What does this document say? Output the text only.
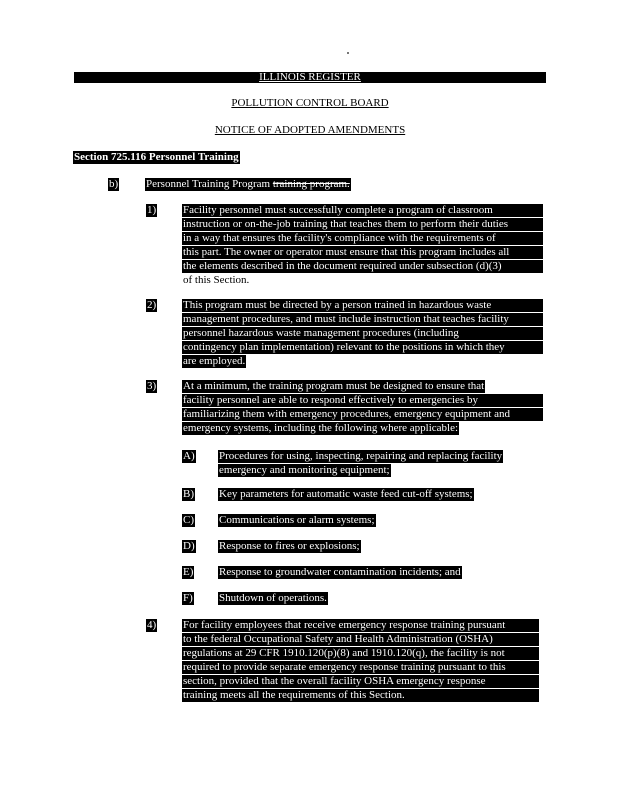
ILLINOIS REGISTER
POLLUTION CONTROL BOARD
NOTICE OF ADOPTED AMENDMENTS
Section 725.116 Personnel Training
b)	Personnel Training Program training program.
1) Facility personnel must successfully complete a program of classroom
instruction or on-the-job training that teaches them to perform their duties
in a way that ensures the facility's compliance with the requirements of
this part. The owner or operator must ensure that this program includes all
the elements described in the document required under subsection (d)(3)
of this Section.
2) This program must be directed by a person trained in hazardous waste
management procedures, and must include instruction that teaches facility
personnel hazardous waste management procedures (including
contingency plan implementation) relevant to the positions in which they
are employed.
3) At a minimum, the training program must be designed to ensure that
facility personnel are able to respond effectively to emergencies by
familiarizing them with emergency procedures, emergency equipment and
emergency systems, including the following where applicable:
A) Procedures for using, inspecting, repairing and replacing facility
emergency and monitoring equipment;
B) Key parameters for automatic waste feed cut-off systems;
C) Communications or alarm systems;
D) Response to fires or explosions;
E) Response to groundwater contamination incidents; and
F) Shutdown of operations.
4) For facility employees that receive emergency response training pursuant
to the federal Occupational Safety and Health Administration (OSHA)
regulations at 29 CFR 1910.120(p)(8) and 1910.120(q), the facility is not
required to provide separate emergency response training pursuant to this
section, provided that the overall facility OSHA emergency response
training meets all the requirements of this Section.
